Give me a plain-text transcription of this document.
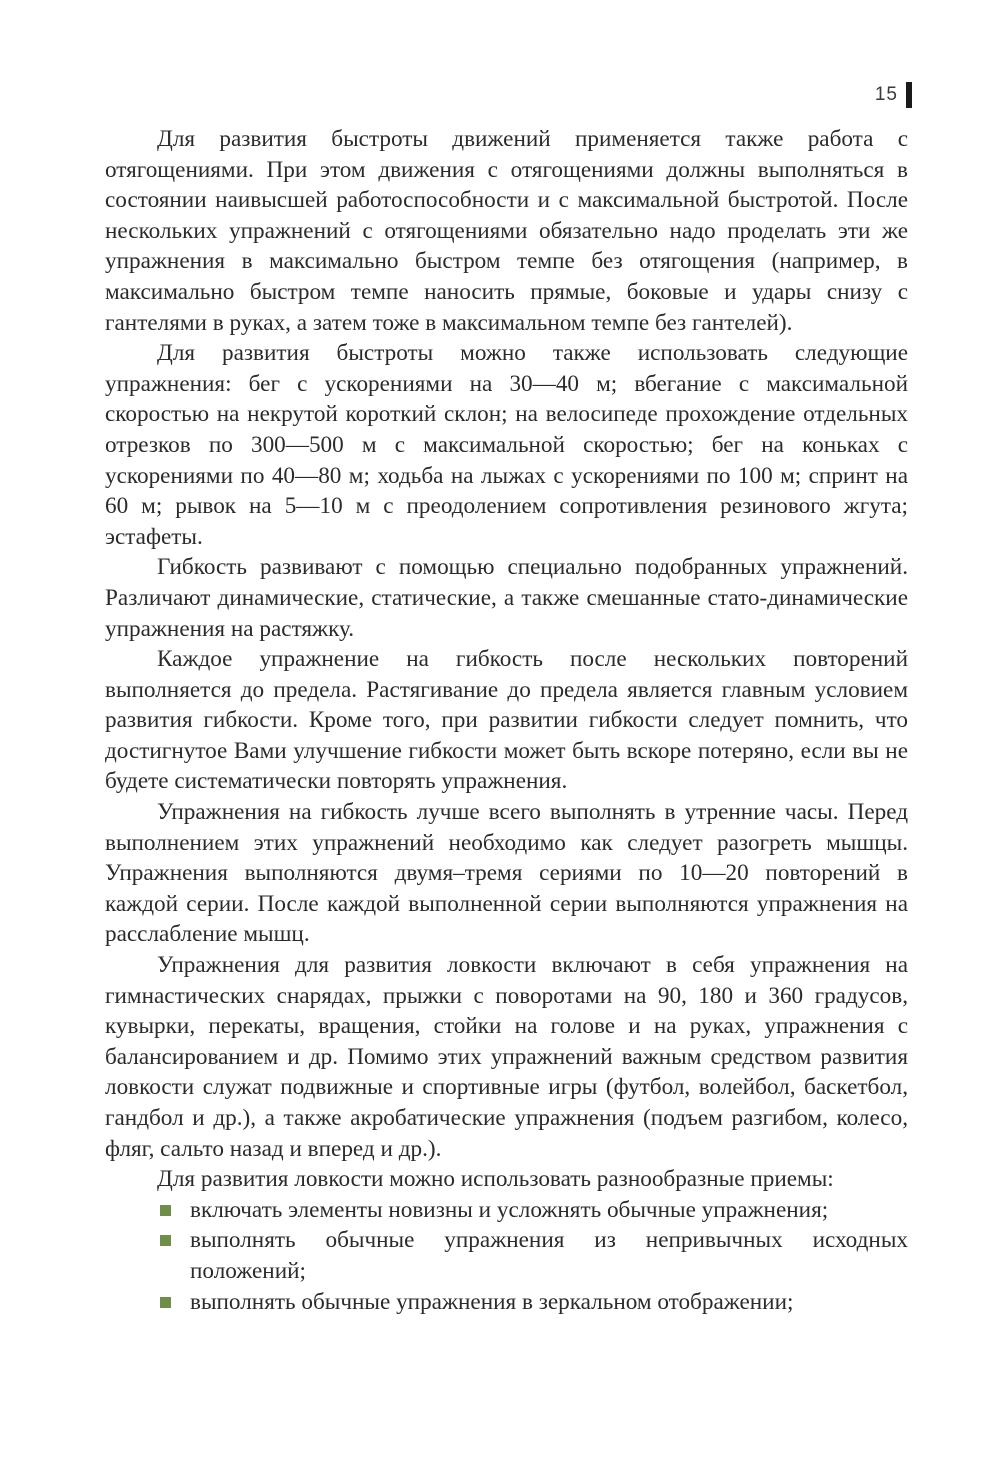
15

Для развития быстроты движений применяется также работа с отягощениями. При этом движения с отягощениями должны выполняться в состоянии наивысшей работоспособности и с максимальной быстротой. После нескольких упражнений с отягощениями обязательно надо проделать эти же упражнения в максимально быстром темпе без отягощения (например, в максимально быстром темпе наносить прямые, боковые и удары снизу с гантелями в руках, а затем тоже в максимальном темпе без гантелей).

Для развития быстроты можно также использовать следующие упражнения: бег с ускорениями на 30—40 м; вбегание с максимальной скоростью на некрутой короткий склон; на велосипеде прохождение отдельных отрезков по 300—500 м с максимальной скоростью; бег на коньках с ускорениями по 40—80 м; ходьба на лыжах с ускорениями по 100 м; спринт на 60 м; рывок на 5—10 м с преодолением сопротивления резинового жгута; эстафеты.

Гибкость развивают с помощью специально подобранных упражнений. Различают динамические, статические, а также смешанные стато-динамические упражнения на растяжку.

Каждое упражнение на гибкость после нескольких повторений выполняется до предела. Растягивание до предела является главным условием развития гибкости. Кроме того, при развитии гибкости следует помнить, что достигнутое Вами улучшение гибкости может быть вскоре потеряно, если вы не будете систематически повторять упражнения.

Упражнения на гибкость лучше всего выполнять в утренние часы. Перед выполнением этих упражнений необходимо как следует разогреть мышцы. Упражнения выполняются двумя–тремя сериями по 10—20 повторений в каждой серии. После каждой выполненной серии выполняются упражнения на расслабление мышц.

Упражнения для развития ловкости включают в себя упражнения на гимнастических снарядах, прыжки с поворотами на 90, 180 и 360 градусов, кувырки, перекаты, вращения, стойки на голове и на руках, упражнения с балансированием и др. Помимо этих упражнений важным средством развития ловкости служат подвижные и спортивные игры (футбол, волейбол, баскетбол, гандбол и др.), а также акробатические упражнения (подъем разгибом, колесо, фляг, сальто назад и вперед и др.).

Для развития ловкости можно использовать разнообразные приемы:

включать элементы новизны и усложнять обычные упражнения;
выполнять обычные упражнения из непривычных исходных положений;
выполнять обычные упражнения в зеркальном отображении;
